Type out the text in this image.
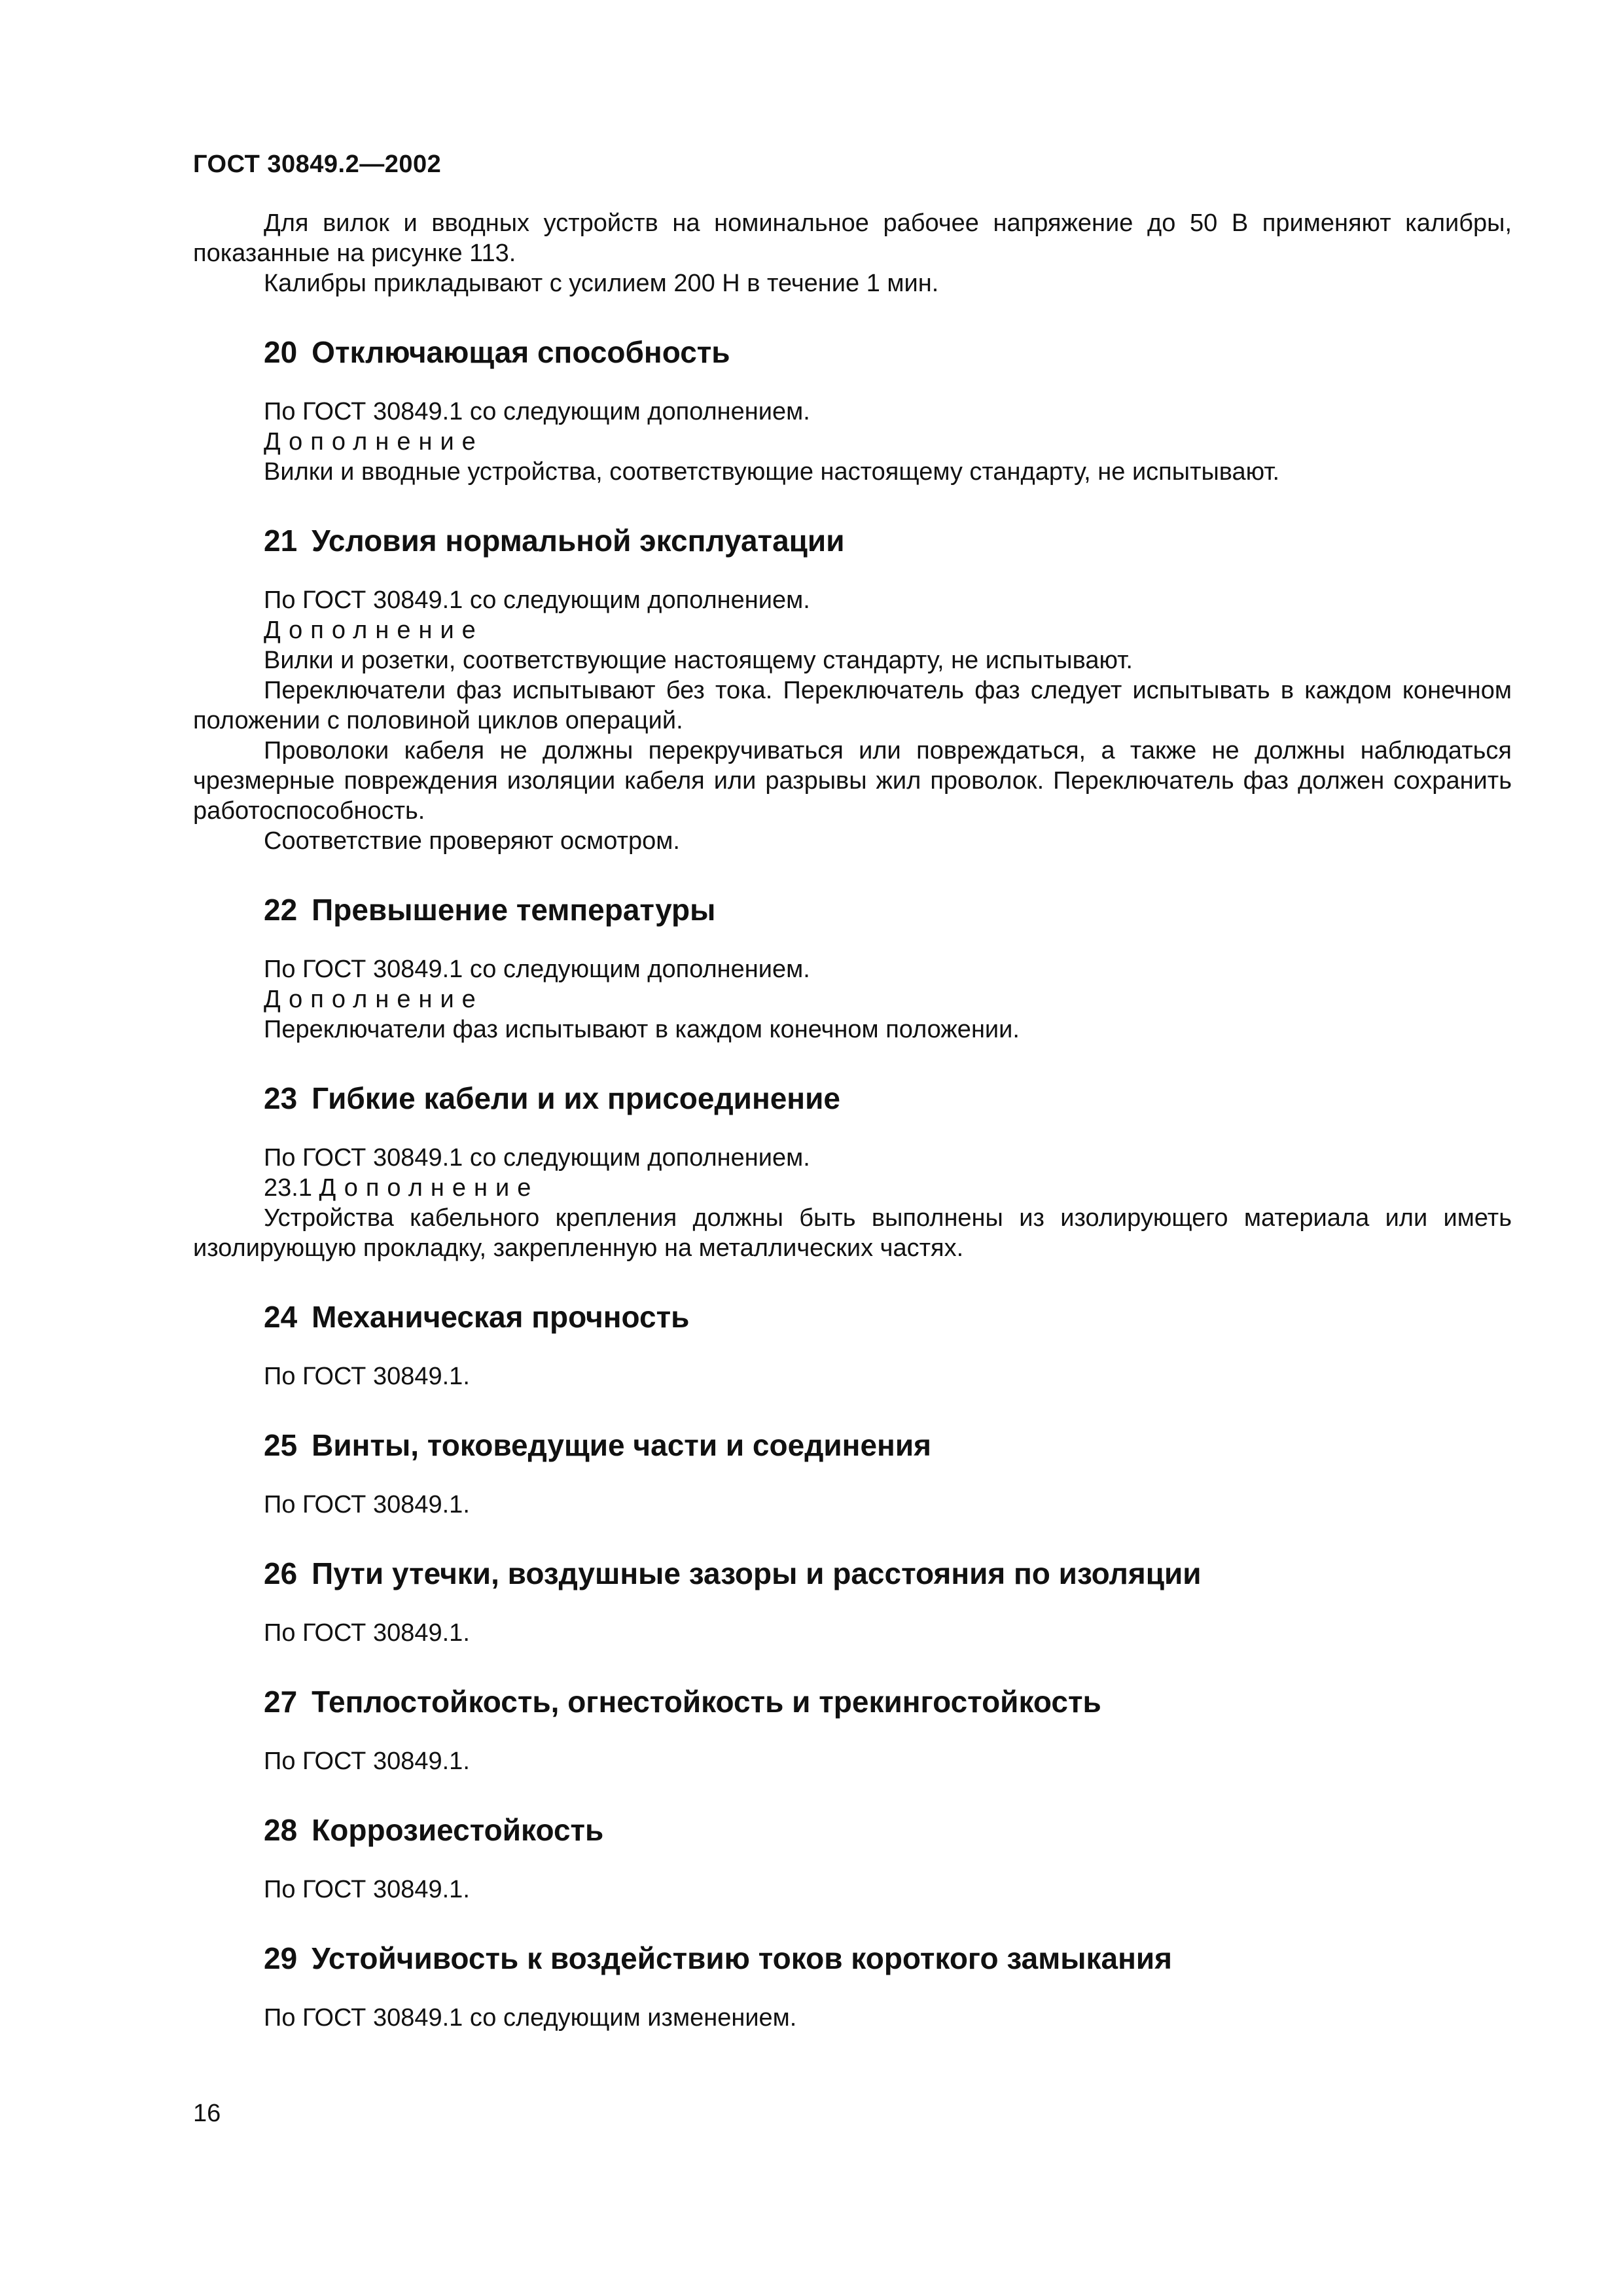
ГОСТ 30849.2—2002

Для вилок и вводных устройств на номинальное рабочее напряжение до 50 В применяют калибры, показанные на рисунке 113.

Калибры прикладывают с усилием 200 Н в течение 1 мин.

20 Отключающая способность

По ГОСТ 30849.1 со следующим дополнением.

Дополнение

Вилки и вводные устройства, соответствующие настоящему стандарту, не испытывают.

21 Условия нормальной эксплуатации

По ГОСТ 30849.1 со следующим дополнением.

Дополнение

Вилки и розетки, соответствующие настоящему стандарту, не испытывают.

Переключатели фаз испытывают без тока. Переключатель фаз следует испытывать в каждом конечном положении с половиной циклов операций.

Проволоки кабеля не должны перекручиваться или повреждаться, а также не должны наблюдаться чрезмерные повреждения изоляции кабеля или разрывы жил проволок. Переключатель фаз должен сохранить работоспособность.

Соответствие проверяют осмотром.

22 Превышение температуры

По ГОСТ 30849.1 со следующим дополнением.

Дополнение

Переключатели фаз испытывают в каждом конечном положении.

23 Гибкие кабели и их присоединение

По ГОСТ 30849.1 со следующим дополнением.

23.1 Дополнение

Устройства кабельного крепления должны быть выполнены из изолирующего материала или иметь изолирующую прокладку, закрепленную на металлических частях.

24 Механическая прочность

По ГОСТ 30849.1.

25 Винты, токоведущие части и соединения

По ГОСТ 30849.1.

26 Пути утечки, воздушные зазоры и расстояния по изоляции

По ГОСТ 30849.1.

27 Теплостойкость, огнестойкость и трекингостойкость

По ГОСТ 30849.1.

28 Коррозиестойкость

По ГОСТ 30849.1.

29 Устойчивость к воздействию токов короткого замыкания

По ГОСТ 30849.1 со следующим изменением.

16
